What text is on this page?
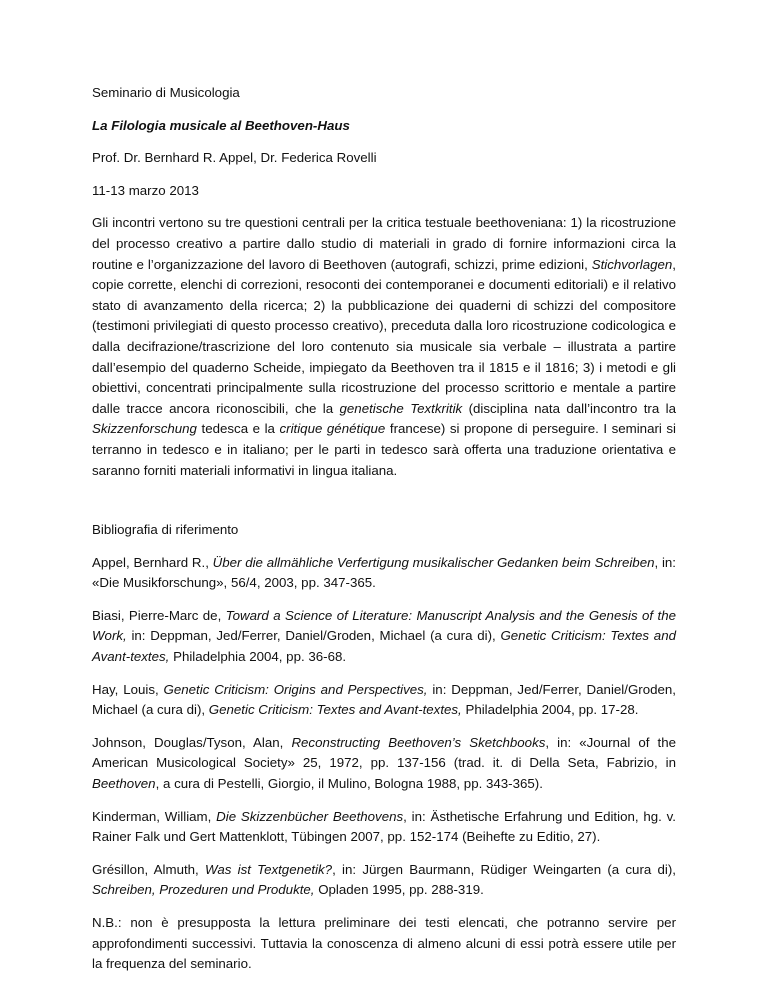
Seminario di Musicologia

La Filologia musicale al Beethoven-Haus

Prof. Dr. Bernhard R. Appel, Dr. Federica Rovelli

11-13 marzo 2013

Gli incontri vertono su tre questioni centrali per la critica testuale beethoveniana: 1) la ricostruzione del processo creativo a partire dallo studio di materiali in grado di fornire informazioni circa la routine e l’organizzazione del lavoro di Beethoven (autografi, schizzi, prime edizioni, Stichvorlagen, copie corrette, elenchi di correzioni, resoconti dei contemporanei e documenti editoriali) e il relativo stato di avanzamento della ricerca; 2) la pubblicazione dei quaderni di schizzi del compositore (testimoni privilegiati di questo processo creativo), preceduta dalla loro ricostruzione codicologica e dalla decifrazione/trascrizione del loro contenuto sia musicale sia verbale – illustrata a partire dall’esempio del quaderno Scheide, impiegato da Beethoven tra il 1815 e il 1816; 3) i metodi e gli obiettivi, concentrati principalmente sulla ricostruzione del processo scrittorio e mentale a partire dalle tracce ancora riconoscibili, che la genetische Textkritik (disciplina nata dall’incontro tra la Skizzenforschung tedesca e la critique génétique francese) si propone di perseguire. I seminari si terranno in tedesco e in italiano; per le parti in tedesco sarà offerta una traduzione orientativa e saranno forniti materiali informativi in lingua italiana.

Bibliografia di riferimento

Appel, Bernhard R., Über die allmähliche Verfertigung musikalischer Gedanken beim Schreiben, in: «Die Musikforschung», 56/4, 2003, pp. 347-365.

Biasi, Pierre-Marc de, Toward a Science of Literature: Manuscript Analysis and the Genesis of the Work, in: Deppman, Jed/Ferrer, Daniel/Groden, Michael (a cura di), Genetic Criticism: Textes and Avant-textes, Philadelphia 2004, pp. 36-68.

Hay, Louis, Genetic Criticism: Origins and Perspectives, in: Deppman, Jed/Ferrer, Daniel/Groden, Michael (a cura di), Genetic Criticism: Textes and Avant-textes, Philadelphia 2004, pp. 17-28.

Johnson, Douglas/Tyson, Alan, Reconstructing Beethoven’s Sketchbooks, in: «Journal of the American Musicological Society» 25, 1972, pp. 137-156 (trad. it. di Della Seta, Fabrizio, in Beethoven, a cura di Pestelli, Giorgio, il Mulino, Bologna 1988, pp. 343-365).

Kinderman, William, Die Skizzenbücher Beethovens, in: Ästhetische Erfahrung und Edition, hg. v. Rainer Falk und Gert Mattenklott, Tübingen 2007, pp. 152-174 (Beihefte zu Editio, 27).

Grésillon, Almuth, Was ist Textgenetik?, in: Jürgen Baurmann, Rüdiger Weingarten (a cura di), Schreiben, Prozeduren und Produkte, Opladen 1995, pp. 288-319.

N.B.: non è presupposta la lettura preliminare dei testi elencati, che potranno servire per approfondimenti successivi. Tuttavia la conoscenza di almeno alcuni di essi potrà essere utile per la frequenza del seminario.
